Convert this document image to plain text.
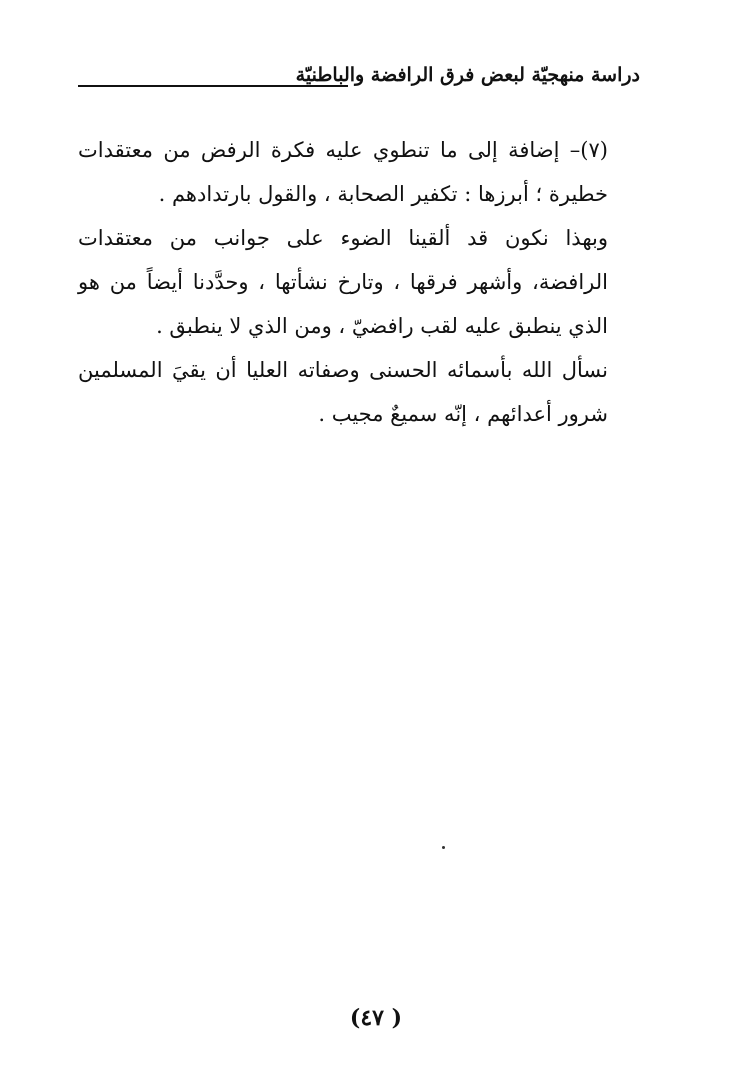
دراسة منهجيّة لبعض فرق الرافضة والباطنيّة

(٧)– إضافة إلى ما تنطوي عليه فكرة الرفض من معتقدات خطيرة ؛ أبرزها : تكفير الصحابة ، والقول بارتدادهم .

وبهذا نكون قد ألقينا الضوء على جوانب من معتقدات الرافضة، وأشهر فرقها ، وتارخ نشأتها ، وحدَّدنا أيضاً من هو الذي ينطبق عليه لقب رافضيّ ، ومن الذي لا ينطبق .

نسأل الله بأسمائه الحسنى وصفاته العليا أن يقيَ المسلمين شرور أعدائهم ، إنّه سميعٌ مجيب .

( ٤٧)
